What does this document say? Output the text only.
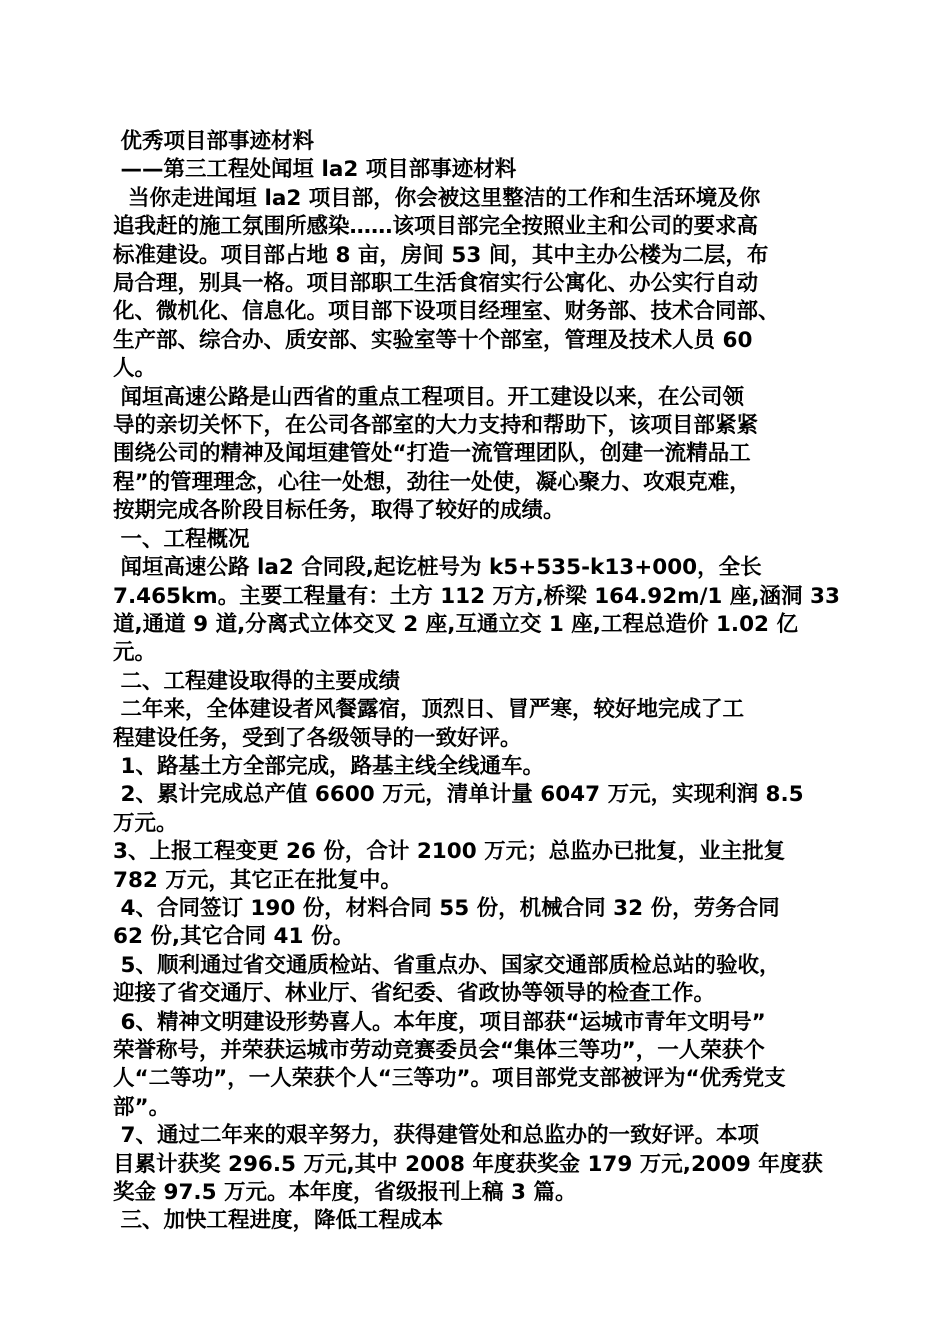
优秀项目部事迹材料
——第三工程处闻垣 la2 项目部事迹材料
当你走进闻垣 la2 项目部，你会被这里整洁的工作和生活环境及你
追我赶的施工氛围所感染……该项目部完全按照业主和公司的要求高
标准建设。项目部占地 8 亩，房间 53 间，其中主办公楼为二层，布
局合理，别具一格。项目部职工生活食宿实行公寓化、办公实行自动
化、微机化、信息化。项目部下设项目经理室、财务部、技术合同部、
生产部、综合办、质安部、实验室等十个部室，管理及技术人员 60
人。
闻垣高速公路是山西省的重点工程项目。开工建设以来，在公司领
导的亲切关怀下，在公司各部室的大力支持和帮助下，该项目部紧紧
围绕公司的精神及闻垣建管处“打造一流管理团队，创建一流精品工
程”的管理理念，心往一处想，劲往一处使，凝心聚力、攻艰克难，
按期完成各阶段目标任务，取得了较好的成绩。
一、工程概况
闻垣高速公路 la2 合同段,起讫桩号为 k5+535-k13+000，全长
7.465km。主要工程量有：土方 112 万方,桥梁 164.92m/1 座,涵洞 33
道,通道 9 道,分离式立体交叉 2 座,互通立交 1 座,工程总造价 1.02 亿
元。
二、工程建设取得的主要成绩
二年来，全体建设者风餐露宿，顶烈日、冒严寒，较好地完成了工
程建设任务，受到了各级领导的一致好评。
1、路基土方全部完成，路基主线全线通车。
2、累计完成总产值 6600 万元，清单计量 6047 万元，实现利润 8.5
万元。
3、上报工程变更 26 份，合计 2100 万元；总监办已批复，业主批复
782 万元，其它正在批复中。
4、合同签订 190 份，材料合同 55 份，机械合同 32 份，劳务合同
62 份,其它合同 41 份。
5、顺利通过省交通质检站、省重点办、国家交通部质检总站的验收，
迎接了省交通厅、林业厅、省纪委、省政协等领导的检查工作。
6、精神文明建设形势喜人。本年度，项目部获“运城市青年文明号”
荣誉称号，并荣获运城市劳动竞赛委员会“集体三等功”，一人荣获个
人“二等功”，一人荣获个人“三等功”。项目部党支部被评为“优秀党支
部”。
7、通过二年来的艰辛努力，获得建管处和总监办的一致好评。本项
目累计获奖 296.5 万元,其中 2008 年度获奖金 179 万元,2009 年度获
奖金 97.5 万元。本年度，省级报刊上稿 3 篇。
三、加快工程进度，降低工程成本
